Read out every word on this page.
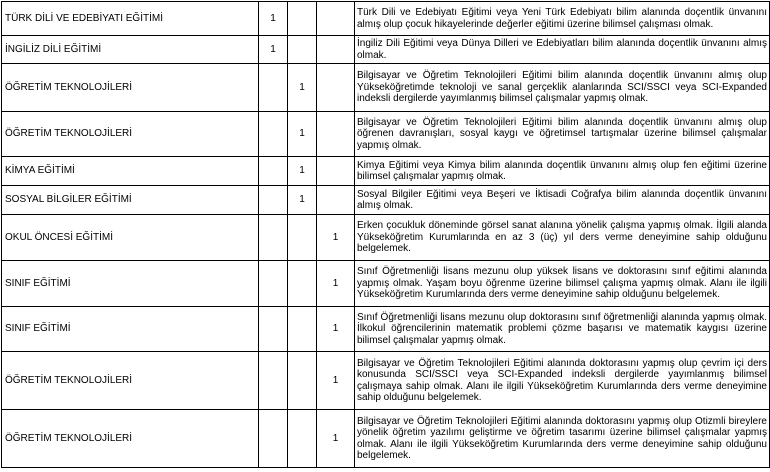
TÜRK DİLİ VE EDEBİYATI EĞİTİMİ	1			Türk Dili ve Edebiyatı Eğitimi veya Yeni Türk Edebiyatı bilim alanında doçentlik ünvanını almış olup çocuk hikayelerinde değerler eğitimi üzerine bilimsel çalışması olmak.
İNGİLİZ DİLİ EĞİTİMİ	1			İngiliz Dili Eğitimi veya Dünya Dilleri ve Edebiyatları bilim alanında doçentlik ünvanını almış olmak.
ÖĞRETİM TEKNOLOJİLERİ		1		Bilgisayar ve Öğretim Teknolojileri Eğitimi bilim alanında doçentlik ünvanını almış olup Yükseköğretimde teknoloji ve sanal gerçeklik alanlarında SCI/SSCI veya SCI-Expanded indeksli dergilerde yayımlanmış bilimsel çalışmalar yapmış olmak.
ÖĞRETİM TEKNOLOJİLERİ		1		Bilgisayar ve Öğretim Teknolojileri Eğitimi bilim alanında doçentlik ünvanını almış olup öğrenen davranışları, sosyal kaygı ve öğretimsel tartışmalar üzerine bilimsel çalışmalar yapmış olmak.
KİMYA EĞİTİMİ		1		Kimya Eğitimi veya Kimya bilim alanında doçentlik ünvanını almış olup fen eğitimi üzerine bilimsel çalışmalar yapmış olmak.
SOSYAL BİLGİLER EĞİTİMİ		1		Sosyal Bilgiler Eğitimi veya Beşeri ve İktisadi Coğrafya bilim alanında doçentlik ünvanını almış olmak.
OKUL ÖNCESİ EĞİTİMİ			1	Erken çocukluk döneminde görsel sanat alanına yönelik çalışma yapmış olmak. İlgili alanda Yükseköğretim Kurumlarında en az 3 (üç) yıl ders verme deneyimine sahip olduğunu belgelemek.
SINIF EĞİTİMİ			1	Sınıf Öğretmenliği lisans mezunu olup yüksek lisans ve doktorasını sınıf eğitimi alanında yapmış olmak. Yaşam boyu öğrenme üzerine bilimsel çalışma yapmış olmak. Alanı ile ilgili Yükseköğretim Kurumlarında ders verme deneyimine sahip olduğunu belgelemek.
SINIF EĞİTİMİ			1	Sınıf Öğretmenliği lisans mezunu olup doktorasını sınıf öğretmenliği alanında yapmış olmak. İlkokul öğrencilerinin matematik problemi çözme başarısı ve matematik kaygısı üzerine bilimsel çalışmalar yapmış olmak.
ÖĞRETİM TEKNOLOJİLERİ			1	Bilgisayar ve Öğretim Teknolojileri Eğitimi alanında doktorasını yapmış olup çevrim içi ders konusunda SCI/SSCI veya SCI-Expanded indeksli dergilerde yayımlanmış bilimsel çalışmaya sahip olmak. Alanı ile ilgili Yükseköğretim Kurumlarında ders verme deneyimine sahip olduğunu belgelemek.
ÖĞRETİM TEKNOLOJİLERİ			1	Bilgisayar ve Öğretim Teknolojileri Eğitimi alanında doktorasını yapmış olup Otizmli bireylere yönelik öğretim yazılımı geliştirme ve öğretim tasarımı üzerine bilimsel çalışmalar yapmış olmak. Alanı ile ilgili Yükseköğretim Kurumlarında ders verme deneyimine sahip olduğunu belgelemek.
